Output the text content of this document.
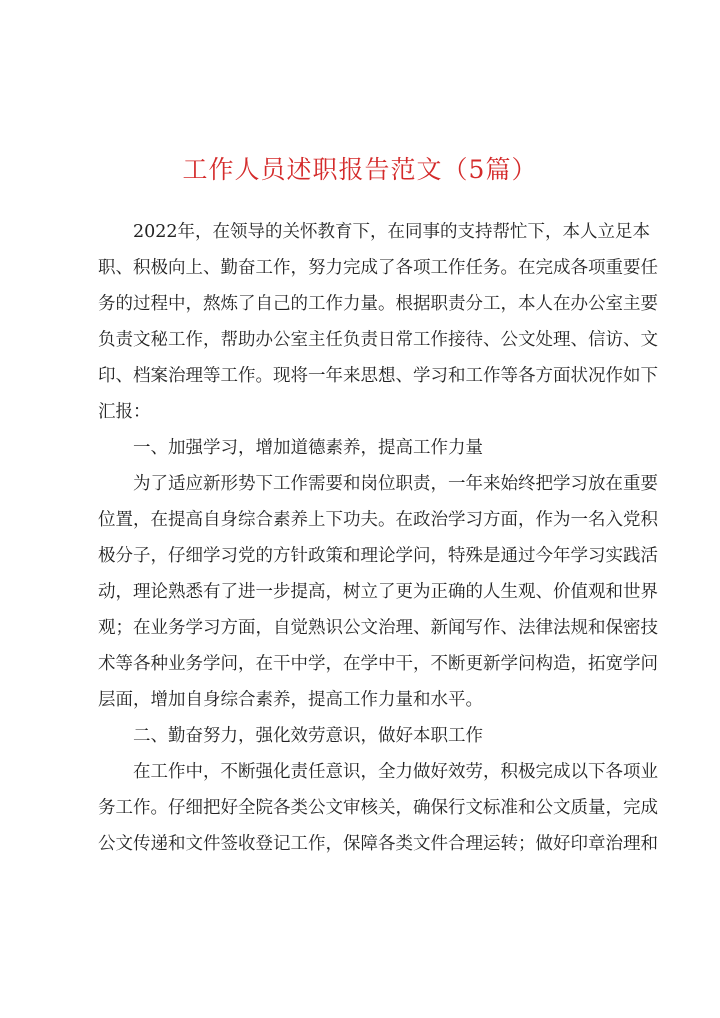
工作人员述职报告范文（5篇）
2022年，在领导的关怀教育下，在同事的支持帮忙下，本人立足本
职、积极向上、勤奋工作，努力完成了各项工作任务。在完成各项重要任
务的过程中，熬炼了自己的工作力量。根据职责分工，本人在办公室主要
负责文秘工作，帮助办公室主任负责日常工作接待、公文处理、信访、文
印、档案治理等工作。现将一年来思想、学习和工作等各方面状况作如下
汇报：
一、加强学习，增加道德素养，提高工作力量
为了适应新形势下工作需要和岗位职责，一年来始终把学习放在重要
位置，在提高自身综合素养上下功夫。在政治学习方面，作为一名入党积
极分子，仔细学习党的方针政策和理论学问，特殊是通过今年学习实践活
动，理论熟悉有了进一步提高，树立了更为正确的人生观、价值观和世界
观；在业务学习方面，自觉熟识公文治理、新闻写作、法律法规和保密技
术等各种业务学问，在干中学，在学中干，不断更新学问构造，拓宽学问
层面，增加自身综合素养，提高工作力量和水平。
二、勤奋努力，强化效劳意识，做好本职工作
在工作中，不断强化责任意识，全力做好效劳，积极完成以下各项业
务工作。仔细把好全院各类公文审核关，确保行文标准和公文质量，完成
公文传递和文件签收登记工作，保障各类文件合理运转；做好印章治理和
